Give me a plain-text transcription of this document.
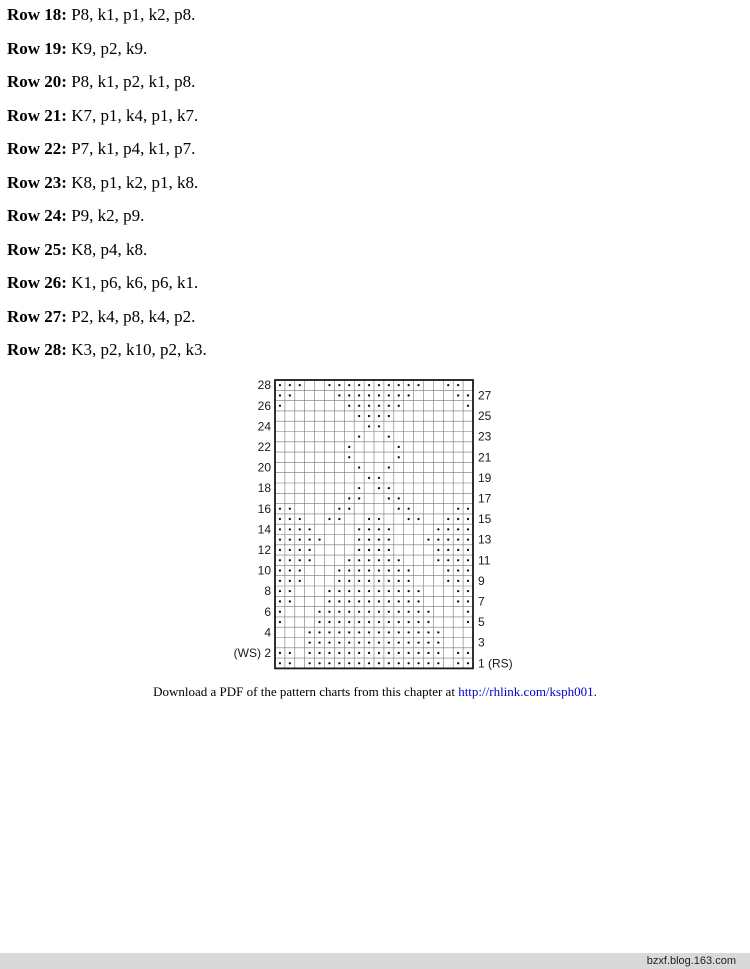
Row 18: P8, k1, p1, k2, p8.
Row 19: K9, p2, k9.
Row 20: P8, k1, p2, k1, p8.
Row 21: K7, p1, k4, p1, k7.
Row 22: P7, k1, p4, k1, p7.
Row 23: K8, p1, k2, p1, k8.
Row 24: P9, k2, p9.
Row 25: K8, p4, k8.
Row 26: K1, p6, k6, p6, k1.
Row 27: P2, k4, p8, k4, p2.
Row 28: K3, p2, k10, p2, k3.
28
26
24
22
20
18
16
14
12
10
8
6
4
(WS) 2
27
25
23
21
19
17
15
13
11
9
7
5
3
1 (RS)
Download a PDF of the pattern charts from this chapter at http://rhlink.com/ksph001.
bzxf.blog.163.com
